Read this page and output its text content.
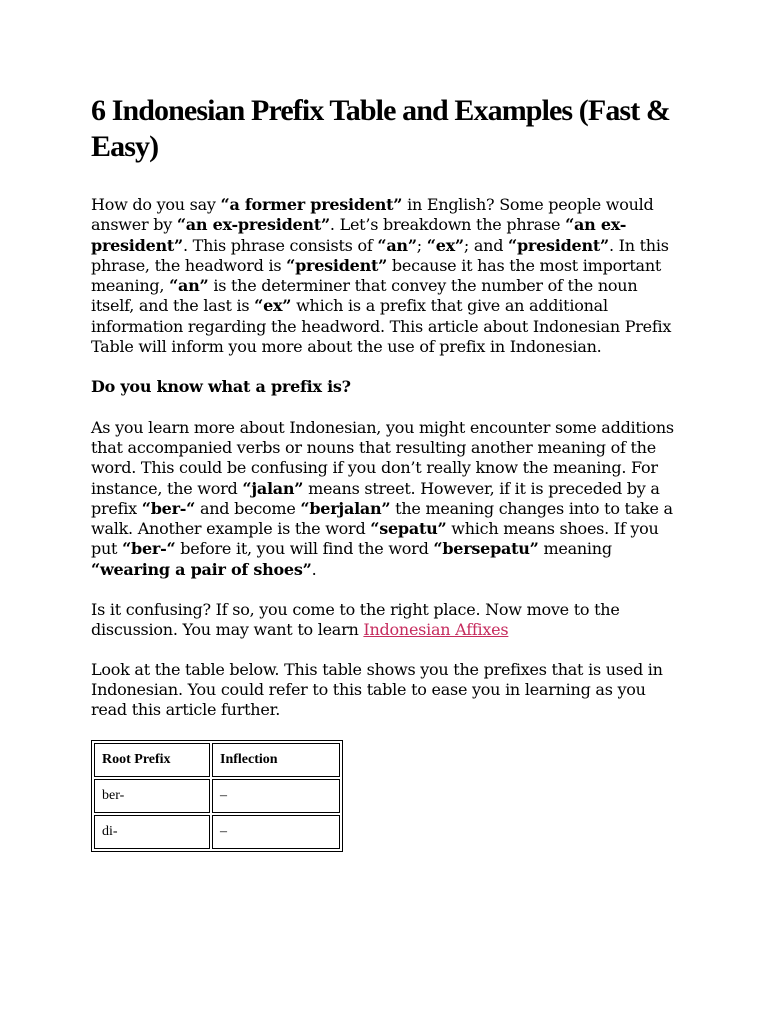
6 Indonesian Prefix Table and Examples (Fast & Easy)

How do you say “a former president” in English? Some people would answer by “an ex-president”. Let’s breakdown the phrase “an ex-president”. This phrase consists of “an”; “ex”; and “president”. In this phrase, the headword is “president” because it has the most important meaning, “an” is the determiner that convey the number of the noun itself, and the last is “ex” which is a prefix that give an additional information regarding the headword. This article about Indonesian Prefix Table will inform you more about the use of prefix in Indonesian.

Do you know what a prefix is?

As you learn more about Indonesian, you might encounter some additions that accompanied verbs or nouns that resulting another meaning of the word. This could be confusing if you don’t really know the meaning. For instance, the word “jalan” means street. However, if it is preceded by a prefix “ber-“ and become “berjalan” the meaning changes into to take a walk. Another example is the word “sepatu” which means shoes. If you put “ber-“ before it, you will find the word “bersepatu” meaning “wearing a pair of shoes”.

Is it confusing? If so, you come to the right place. Now move to the discussion. You may want to learn Indonesian Affixes

Look at the table below. This table shows you the prefixes that is used in Indonesian. You could refer to this table to ease you in learning as you read this article further.

Root Prefix	Inflection
ber-	–
di-	–
